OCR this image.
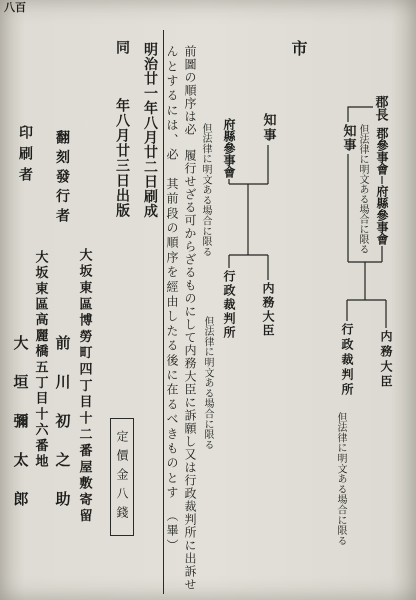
八百
郡長
知事 郡參事會
府縣參事會
但法律に明文ある場合に限る
行政裁判所 内務大臣
但法律に明文ある場合に限る
市
知事
府縣參事會
但法律に明文ある場合に限る
行政裁判所 内務大臣
但法律に明文ある場合に限る
前圖の順序は必　履行せざる可からざるものにして内務大臣に訴願し又は行政裁判所に出訴せ
んとするには、必　其前段の順序を經由したる後に在るべきものとす　（畢）
明治廿一年八月廿二日刷成
同
年八月廿三日出版
定價金八錢
翻刻發行者
大坂東區博勞町四丁目十二番屋敷寄留
前川初之助
印刷者
大坂東區高麗橋五丁目十六番地
大垣彌太郎
